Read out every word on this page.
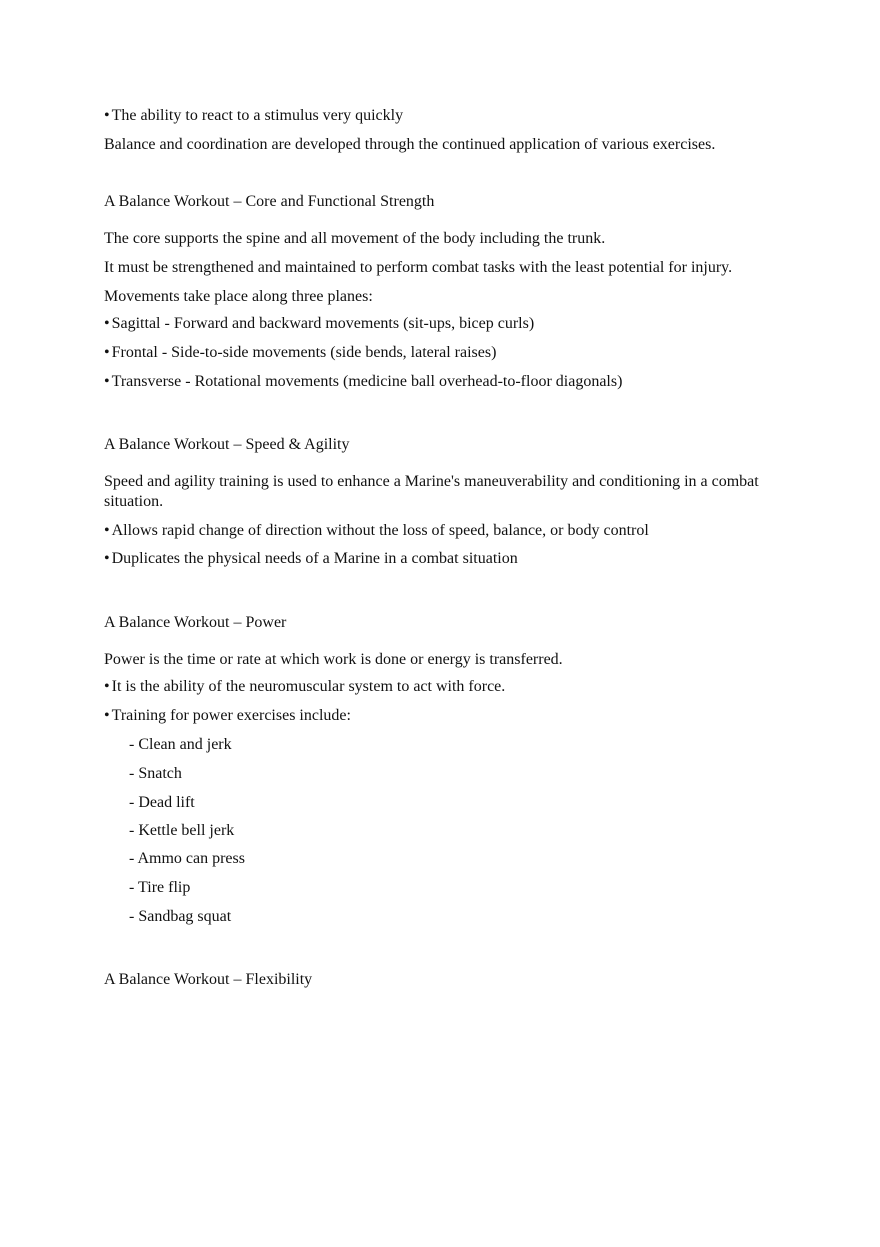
• The ability to react to a stimulus very quickly

Balance and coordination are developed through the continued application of various exercises.

A Balance Workout – Core and Functional Strength

The core supports the spine and all movement of the body including the trunk.

It must be strengthened and maintained to perform combat tasks with the least potential for injury.

Movements take place along three planes:

• Sagittal - Forward and backward movements (sit-ups, bicep curls)

• Frontal - Side-to-side movements (side bends, lateral raises)

• Transverse - Rotational movements (medicine ball overhead-to-floor diagonals)

A Balance Workout – Speed & Agility

Speed and agility training is used to enhance a Marine's maneuverability and conditioning in a combat situation.

• Allows rapid change of direction without the loss of speed, balance, or body control

• Duplicates the physical needs of a Marine in a combat situation

A Balance Workout – Power

Power is the time or rate at which work is done or energy is transferred.

• It is the ability of the neuromuscular system to act with force.

• Training for power exercises include:

- Clean and jerk

- Snatch

- Dead lift

- Kettle bell jerk

- Ammo can press

- Tire flip

- Sandbag squat

A Balance Workout – Flexibility
